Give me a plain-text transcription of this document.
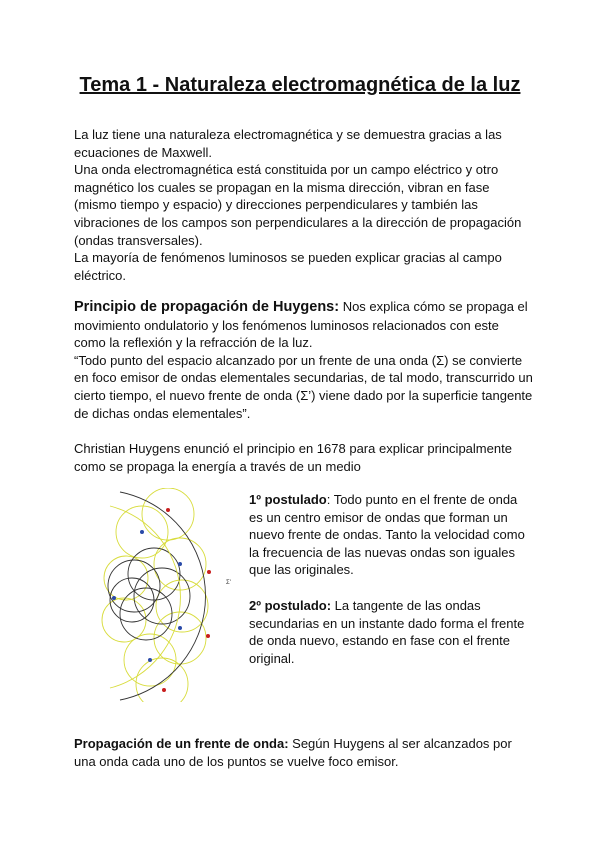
Tema 1 - Naturaleza electromagnética de la luz

La luz tiene una naturaleza electromagnética y se demuestra gracias a las ecuaciones de Maxwell.

Una onda electromagnética está constituida por un campo eléctrico y otro magnético los cuales se propagan en la misma dirección, vibran en fase (mismo tiempo y espacio) y direcciones perpendiculares y también las vibraciones de los campos son perpendiculares a la dirección de propagación (ondas transversales).

La mayoría de fenómenos luminosos se pueden explicar gracias al campo eléctrico.

Principio de propagación de Huygens: Nos explica cómo se propaga el movimiento ondulatorio y los fenómenos luminosos relacionados con este como la reflexión y la refracción de la luz.

“Todo punto del espacio alcanzado por un frente de una onda (Σ) se convierte en foco emisor de ondas elementales secundarias, de tal modo, transcurrido un cierto tiempo, el nuevo frente de onda (Σ’) viene dado por la superficie tangente de dichas ondas elementales”.

Christian Huygens enunció el principio en 1678 para explicar principalmente como se propaga la energía a través de un medio

Σ'

1º postulado: Todo punto en el frente de onda es un centro emisor de ondas que forman un nuevo frente de ondas. Tanto la velocidad como la frecuencia de las nuevas ondas son iguales que las originales.

2º postulado: La tangente de las ondas secundarias en un instante dado forma el frente de onda nuevo, estando en fase con el frente original.

Propagación de un frente de onda: Según Huygens al ser alcanzados por una onda cada uno de los puntos se vuelve foco emisor.
